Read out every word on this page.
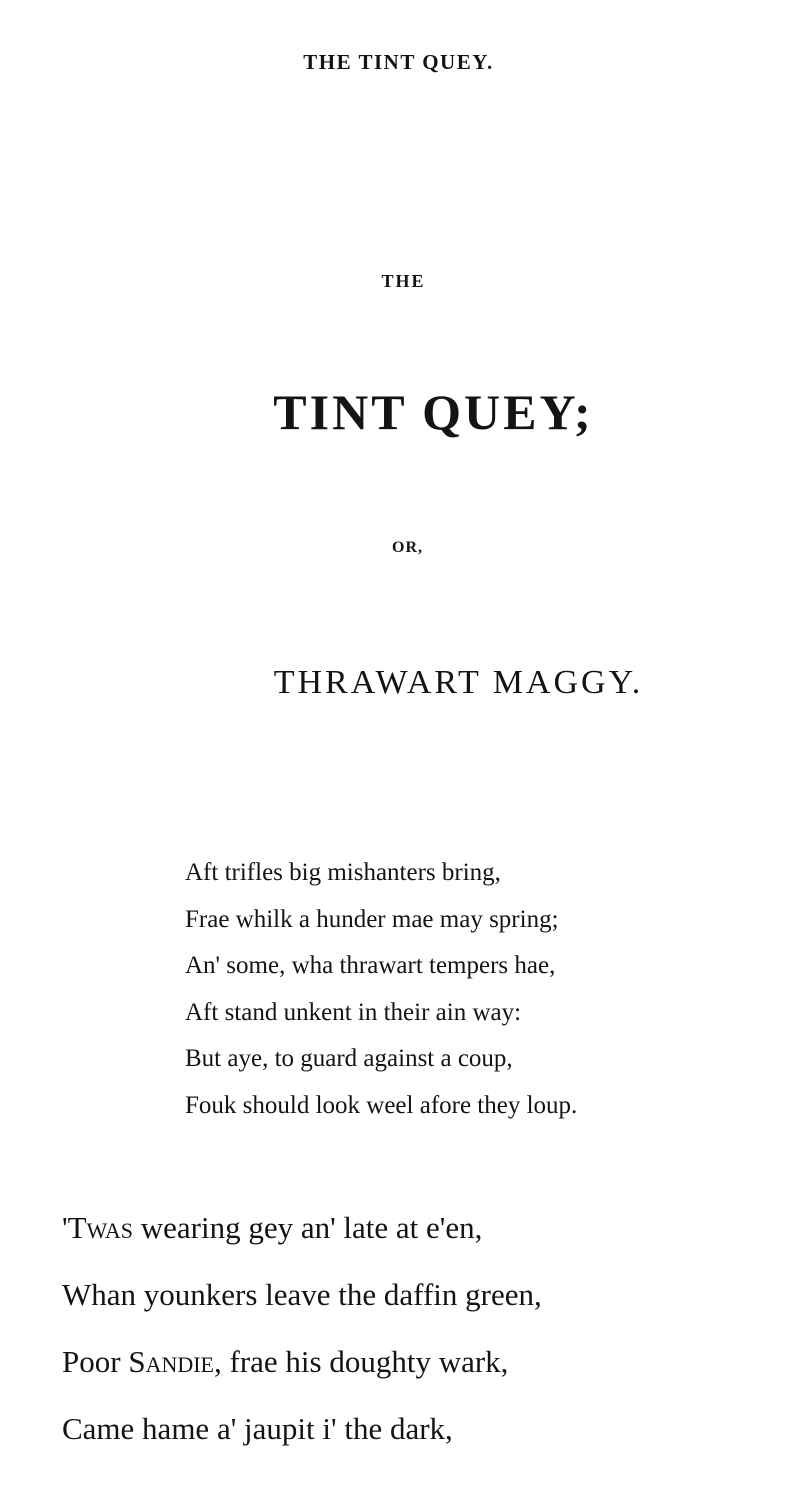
THE TINT QUEY.
THE
TINT QUEY;
OR,
THRAWART MAGGY.
Aft trifles big mishanters bring,
Frae whilk a hunder mae may spring;
An' some, wha thrawart tempers hae,
Aft stand unkent in their ain way:
But aye, to guard against a coup,
Fouk should look weel afore they loup.
'Twas wearing gey an' late at e'en,
Whan younkers leave the daffin green,
Poor Sandie, frae his doughty wark,
Came hame a' jaupit i' the dark,
